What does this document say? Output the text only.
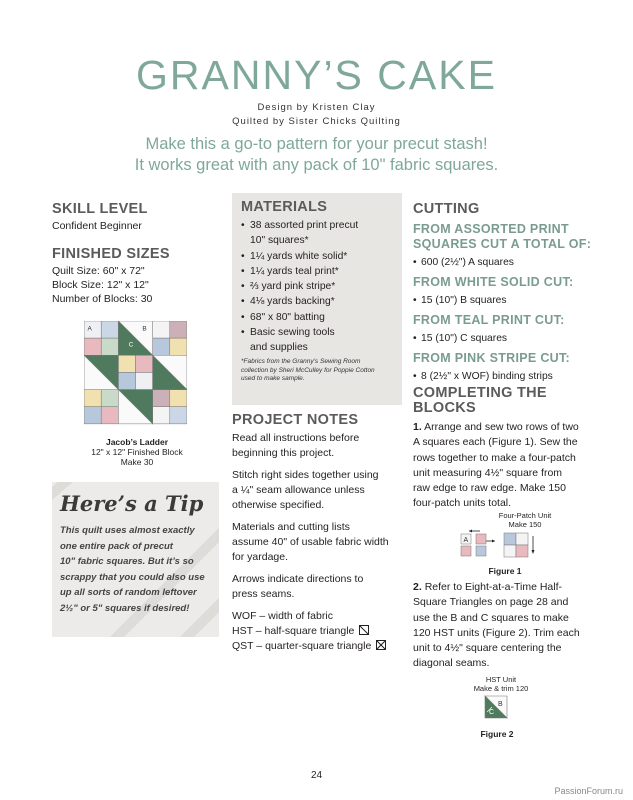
GRANNY’S CAKE
Design by Kristen Clay
Quilted by Sister Chicks Quilting
Make this a go-to pattern for your precut stash!
It works great with any pack of 10" fabric squares.
SKILL LEVEL
Confident Beginner
FINISHED SIZES
Quilt Size: 60" x 72"
Block Size: 12" x 12"
Number of Blocks: 30
Jacob’s Ladder
12" x 12" Finished Block
Make 30
Here’s a Tip
This quilt uses almost exactly
one entire pack of precut
10" fabric squares. But it’s so
scrappy that you could also use
up all sorts of random leftover
2½" or 5" squares if desired!
MATERIALS
• 38 assorted print precut
10" squares*
• 1¼ yards white solid*
• 1¼ yards teal print*
• ⅔ yard pink stripe*
• 4⅛ yards backing*
• 68" x 80" batting
• Basic sewing tools
and supplies
*Fabrics from the Granny’s Sewing Room
collection by Sheri McCulley for Poppie Cotton
used to make sample.
PROJECT NOTES
Read all instructions before
beginning this project.
Stitch right sides together using
a ¼" seam allowance unless
otherwise specified.
Materials and cutting lists
assume 40" of usable fabric width
for yardage.
Arrows indicate directions to
press seams.
WOF – width of fabric
HST – half-square triangle
QST – quarter-square triangle
CUTTING
FROM ASSORTED PRINT
SQUARES CUT A TOTAL OF:
• 600 (2½") A squares
FROM WHITE SOLID CUT:
• 15 (10") B squares
FROM TEAL PRINT CUT:
• 15 (10") C squares
FROM PINK STRIPE CUT:
• 8 (2½" x WOF) binding strips
COMPLETING THE
BLOCKS
1. Arrange and sew two rows of two
A squares each (Figure 1). Sew the
rows together to make a four-patch
unit measuring 4½" square from
raw edge to raw edge. Make 150
four-patch units total.
Four-Patch Unit
Make 150
A
Figure 1
2. Refer to Eight-at-a-Time Half-
Square Triangles on page 28 and
use the B and C squares to make
120 HST units (Figure 2). Trim each
unit to 4½" square centering the
diagonal seams.
HST Unit
Make & trim 120
B
C
Figure 2
24
PassionForum.ru
